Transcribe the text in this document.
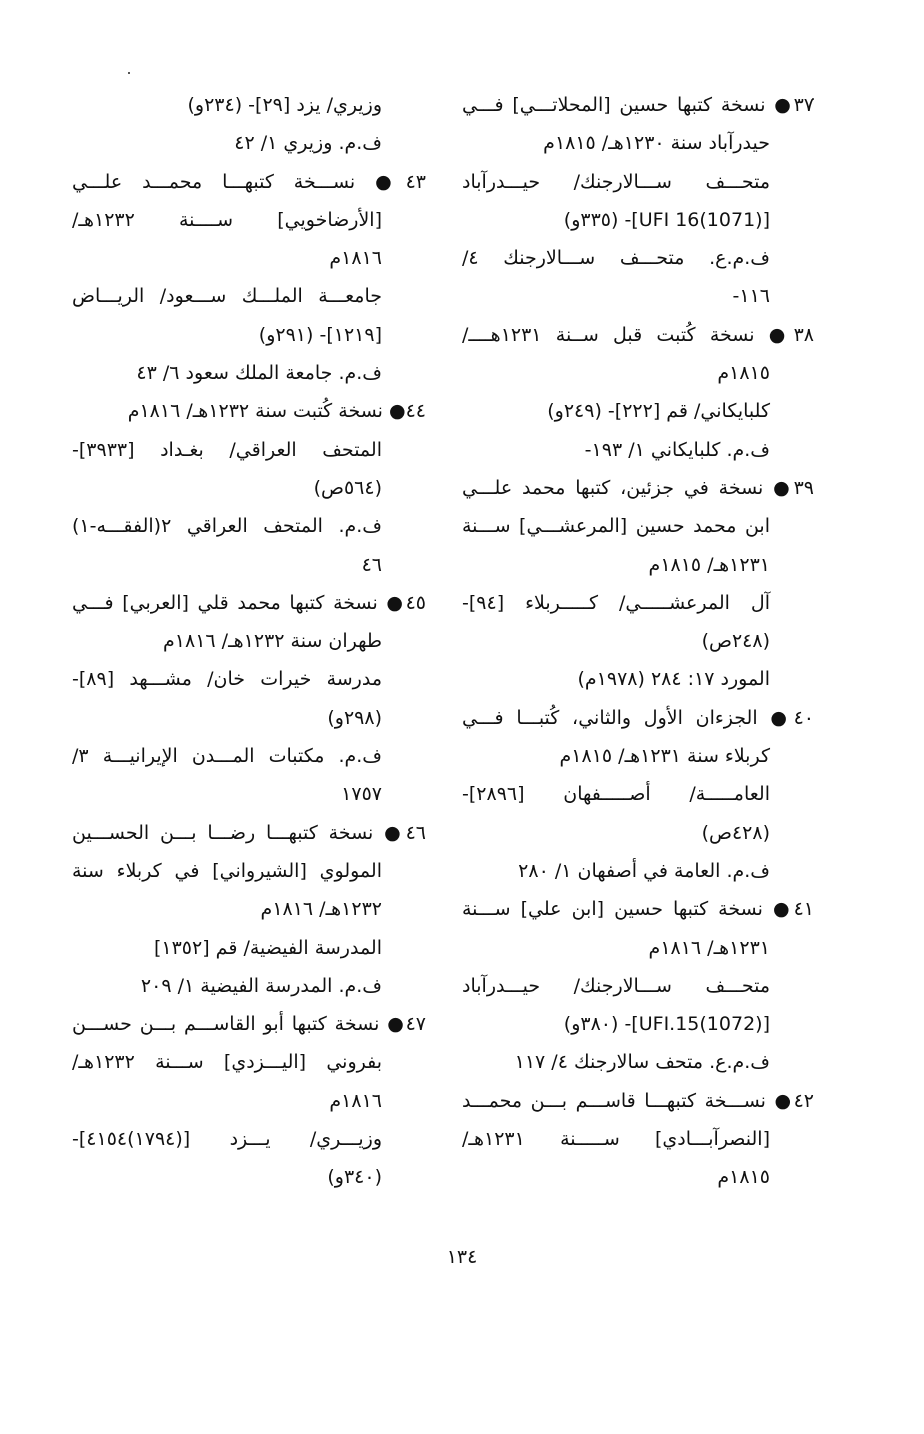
٣٧● نسخة كتبها حسين [المحلاتـــي] فـــي
حيدرآباد سنة ١٢٣٠هـ/ ١٨١٥م
متحـــف ســـالارجنك/ حيـــدرآباد
[UFI 16(1071)]- (٣٣٥و)
ف.م.ع. متحـــف ســـالارجنك ٤/
١١٦-
٣٨● نسخة كُتبت قبل ســنة ١٢٣١هــــ/
١٨١٥م
كلبايكاني/ قم [٢٢٢]- (٢٤٩و)
ف.م. كلبايكاني ١/ ١٩٣-
٣٩● نسخة في جزئين، كتبها محمد علـــي
ابن محمد حسين [المرعشـــي] ســـنة
١٢٣١هـ/ ١٨١٥م
آل المرعشـــــي/ كـــــربلاء [٩٤]-
(٢٤٨ص)
المورد ١٧: ٢٨٤ (١٩٧٨م)
٤٠● الجزءان الأول والثاني، كُتبـــا فـــي
كربلاء سنة ١٢٣١هـ/ ١٨١٥م
العامـــــة/ أصـــــفهان [٢٨٩٦]-
(٤٢٨ص)
ف.م. العامة في أصفهان ١/ ٢٨٠
٤١● نسخة كتبها حسين [ابن علي] ســـنة
١٢٣١هـ/ ١٨١٦م
متحـــف ســـالارجنك/ حيـــدرآباد
[UFI.15(1072)]- (٣٨٠و)
ف.م.ع. متحف سالارجنك ٤/ ١١٧
٤٢● نســـخة كتبهـــا قاســـم بـــن محمـــد
[النصرآبـــادي] ســـــنة ١٢٣١هـ/
١٨١٥م
وزيري/ يزد [٢٩]- (٢٣٤و)
ف.م. وزيري ١/ ٤٢
٤٣● نســـخة كتبهـــا محمـــد علـــي
[الأرضاخويي] ســــنة ١٢٣٢هـ/
١٨١٦م
جامعـــة الملـــك ســـعود/ الريـــاض
[١٢١٩]- (٢٩١و)
ف.م. جامعة الملك سعود ٦/ ٤٣
٤٤● نسخة كُتبت سنة ١٢٣٢هـ/ ١٨١٦م
المتحف العراقي/ بغـداد [٣٩٣٣]-
(٥٦٤ص)
ف.م. المتحف العراقي ٢(الفقـــه-١)
٤٦
٤٥● نسخة كتبها محمد قلي [العربي] فـــي
طهران سنة ١٢٣٢هـ/ ١٨١٦م
مدرسة خيرات خان/ مشـــهد [٨٩]-
(٢٩٨و)
ف.م. مكتبات المـــدن الإيرانيـــة ٣/
١٧٥٧
٤٦● نسخة كتبهـــا رضـــا بـــن الحســـين
المولوي [الشيرواني] في كربلاء سنة
١٢٣٢هـ/ ١٨١٦م
المدرسة الفيضية/ قم [١٣٥٢]
ف.م. المدرسة الفيضية ١/ ٢٠٩
٤٧● نسخة كتبها أبو القاســـم بـــن حســـن
بفروني [اليـــزدي] ســـنة ١٢٣٢هـ/
١٨١٦م
وزيـــري/ يـــزد [(١٧٩٤)٤١٥٤]-
(٣٤٠و)
١٣٤
